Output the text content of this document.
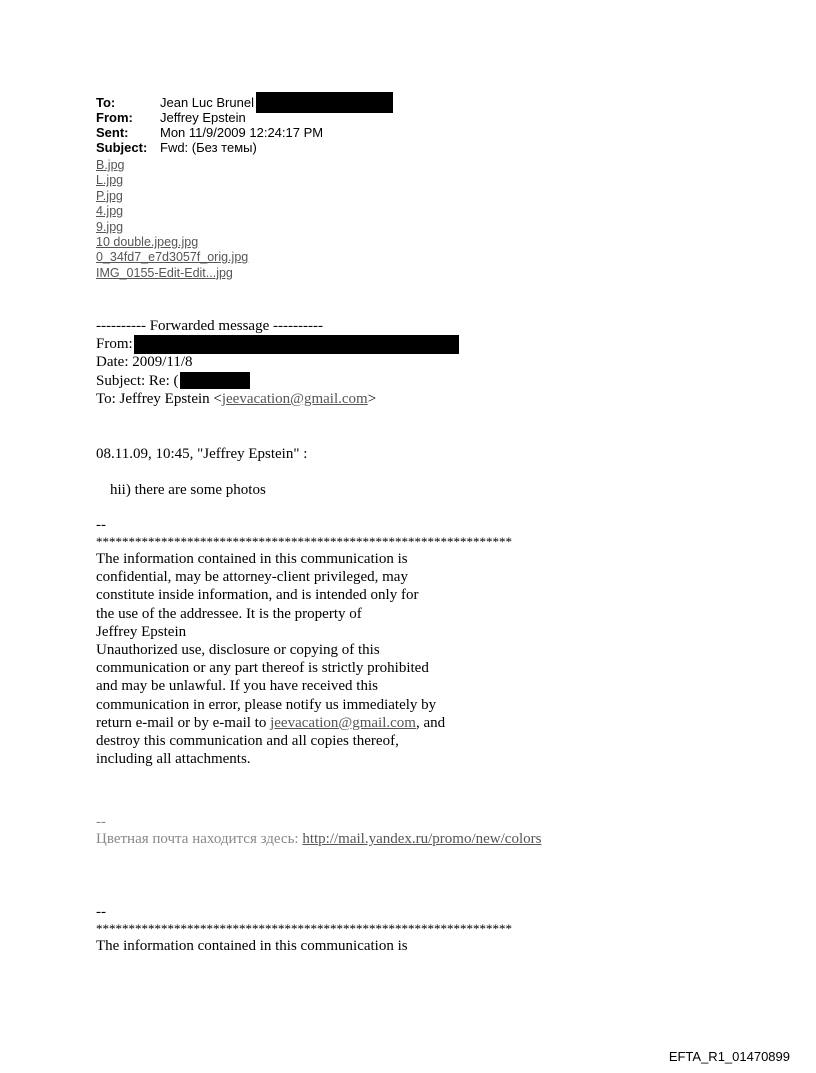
To:	Jean Luc Brunel
From:	Jeffrey Epstein
Sent:	Mon 11/9/2009 12:24:17 PM
Subject: Fwd: (Без темы)
B.jpg
L.jpg
P.jpg
4.jpg
9.jpg
10 double.jpeg.jpg
0_34fd7_e7d3057f_orig.jpg
IMG_0155-Edit-Edit...jpg
---------- Forwarded message ----------
From:
Date: 2009/11/8
Subject: Re: (
To: Jeffrey Epstein < jeevacation@gmail.com >
08.11.09, 10:45, "Jeffrey Epstein" :
hii) there are some photos
--
****************************************************************
The information contained in this communication is
confidential, may be attorney-client privileged, may
constitute inside information, and is intended only for
the use of the addressee. It is the property of
Jeffrey Epstein
Unauthorized use, disclosure or copying of this
communication or any part thereof is strictly prohibited
and may be unlawful. If you have received this
communication in error, please notify us immediately by
return e-mail or by e-mail to jeevacation@gmail.com , and
destroy this communication and all copies thereof,
including all attachments.
--
Цветная почта находится здесь: http://mail.yandex.ru/promo/new/colors
--
****************************************************************
The information contained in this communication is
EFTA_R1_01470899
